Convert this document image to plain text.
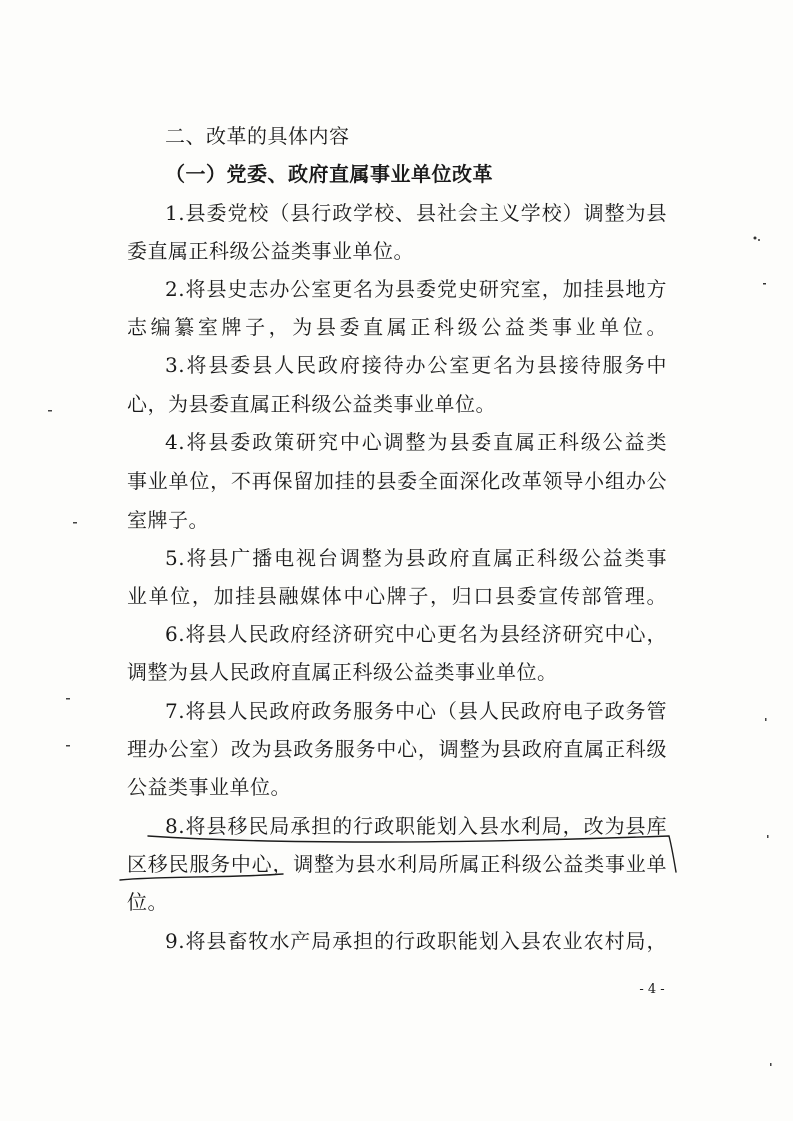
二、改革的具体内容
（一）党委、政府直属事业单位改革
1.县委党校（县行政学校、县社会主义学校）调整为县
委直属正科级公益类事业单位。
2.将县史志办公室更名为县委党史研究室，加挂县地方
志编纂室牌子，为县委直属正科级公益类事业单位。
3.将县委县人民政府接待办公室更名为县接待服务中
心，为县委直属正科级公益类事业单位。
4.将县委政策研究中心调整为县委直属正科级公益类
事业单位，不再保留加挂的县委全面深化改革领导小组办公
室牌子。
5.将县广播电视台调整为县政府直属正科级公益类事
业单位，加挂县融媒体中心牌子，归口县委宣传部管理。
6.将县人民政府经济研究中心更名为县经济研究中心，
调整为县人民政府直属正科级公益类事业单位。
7.将县人民政府政务服务中心（县人民政府电子政务管
理办公室）改为县政务服务中心，调整为县政府直属正科级
公益类事业单位。
8.将县移民局承担的行政职能划入县水利局，改为县库
区移民服务中心，调整为县水利局所属正科级公益类事业单
位。
9.将县畜牧水产局承担的行政职能划入县农业农村局，
- 4 -
